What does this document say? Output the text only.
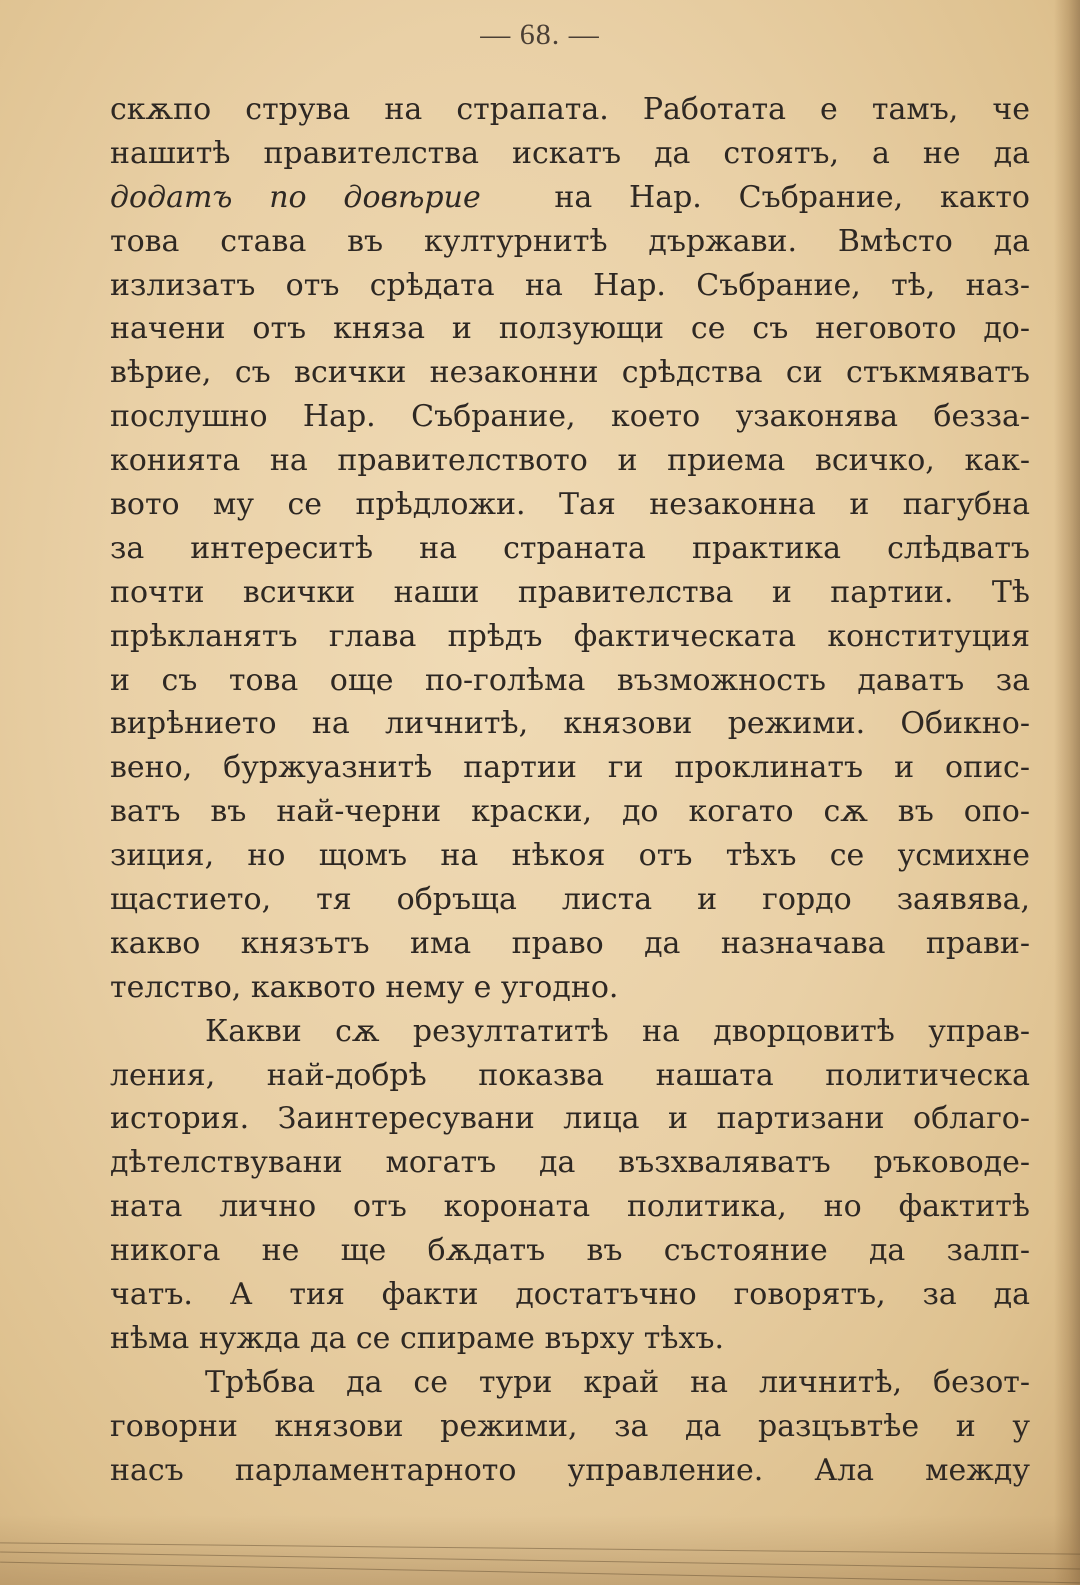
— 68. —
скѫпо струва на страпата. Работата е тамъ, че
нашитѣ правителства искатъ да стоятъ, а не да
додатъ по довѣрие на Нар. Събрание, както
това става въ културнитѣ държави. Вмѣсто да
излизатъ отъ срѣдата на Нар. Събрание, тѣ, наз-
начени отъ княза и ползующи се съ неговото до-
вѣрие, съ всички незаконни срѣдства си стъкмяватъ
послушно Нар. Събрание, което узаконява безза-
конията на правителството и приема всичко, как-
вото му се прѣдложи. Тая незаконна и пагубна
за интереситѣ на страната практика слѣдватъ
почти всички наши правителства и партии. Тѣ
прѣкланятъ глава прѣдъ фактическата конституция
и съ това още по-голѣма възможность даватъ за
вирѣнието на личнитѣ, князови режими. Обикно-
вено, буржуазнитѣ партии ги проклинатъ и опис-
ватъ въ най-черни краски, до когато сѫ въ опо-
зиция, но щомъ на нѣкоя отъ тѣхъ се усмихне
щастието, тя обръща листа и гордо заявява,
какво князътъ има право да назначава прави-
телство, каквото нему е угодно.
Какви сѫ резултатитѣ на дворцовитѣ управ-
ления, най-добрѣ показва нашата политическа
история. Заинтересувани лица и партизани облаго-
дѣтелствувани могатъ да възхваляватъ ръководе-
ната лично отъ короната политика, но фактитѣ
никога не ще бѫдатъ въ състояние да залп-
чатъ. А тия факти достатъчно говорятъ, за да
нѣма нужда да се спираме върху тѣхъ.
Трѣбва да се тури край на личнитѣ, безот-
говорни князови режими, за да разцъвтѣе и у
насъ парламентарното управление. Ала между
